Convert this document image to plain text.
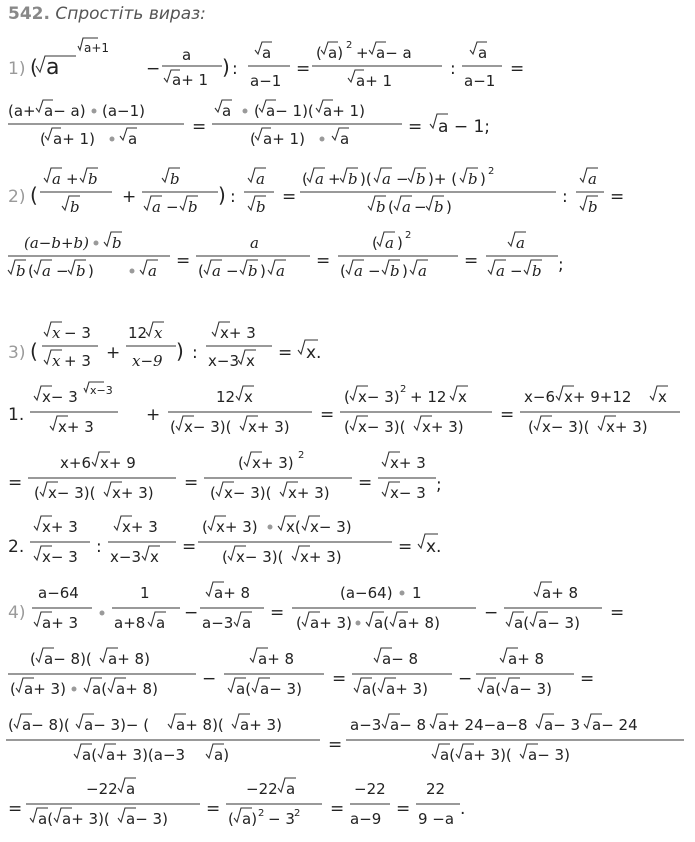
542. Спростіть вираз:
1) ( a
a+1
−
a
a+ 1
) :
a
a−1
=
( a) 2 + a− a
a+ 1
:
a
a−1
=
(a+ a− a) (a−1)
( a+ 1) a
=
a ( a− 1)( a+ 1)
( a+ 1) a
= a − 1;
2) (
a + b
b +
b
a − b ) :
a
b =
( a + b )( a − b )+ ( b ) 2
b ( a − b )	:
a
b =
(a−b+b) b
b ( a − b )	a =
a
( a − b ) a =
( a ) 2
( a − b ) a =
a
a − b ;
3) (
x − 3
x + 3 +
12 x
x−9 ) :
x+ 3
x−3 x = x.
1.
x− 3 x−3
x+ 3
+
12 x
( x− 3)( x+ 3)
=
( x− 3) 2 + 12 x
( x− 3)( x+ 3)
=
x−6 x+ 9+12 x
( x− 3)( x+ 3)
=
x+6 x+ 9
( x− 3)( x+ 3) =
( x+ 3) 2
( x− 3)( x+ 3) =
x+ 3
x− 3 ;
2.
x+ 3
x− 3 :
x+ 3
x−3 x =
( x+ 3) x( x− 3)
( x− 3)( x+ 3)	= x.
4)
a−64
a+ 3
1
a+8 a −
a+ 8
a−3 a =
(a−64) 1
( a+ 3) a( a+ 8)	−
a+ 8
a( a− 3) =
( a− 8)( a+ 8)
( a+ 3) a( a+ 8)	−
a+ 8
a( a− 3) =
a− 8
a( a+ 3) −
a+ 8
a( a− 3) =
( a− 8)( a− 3)− ( a+ 8)( a+ 3)
a( a+ 3)(a−3 a)	=
a−3 a− 8 a+ 24−a−8 a− 3 a− 24
a( a+ 3)( a− 3)
=
−22 a
a( a+ 3)( a− 3) =
−22 a
( a) 2 − 3 2 =
−22
a−9 =
22
9 −a .
